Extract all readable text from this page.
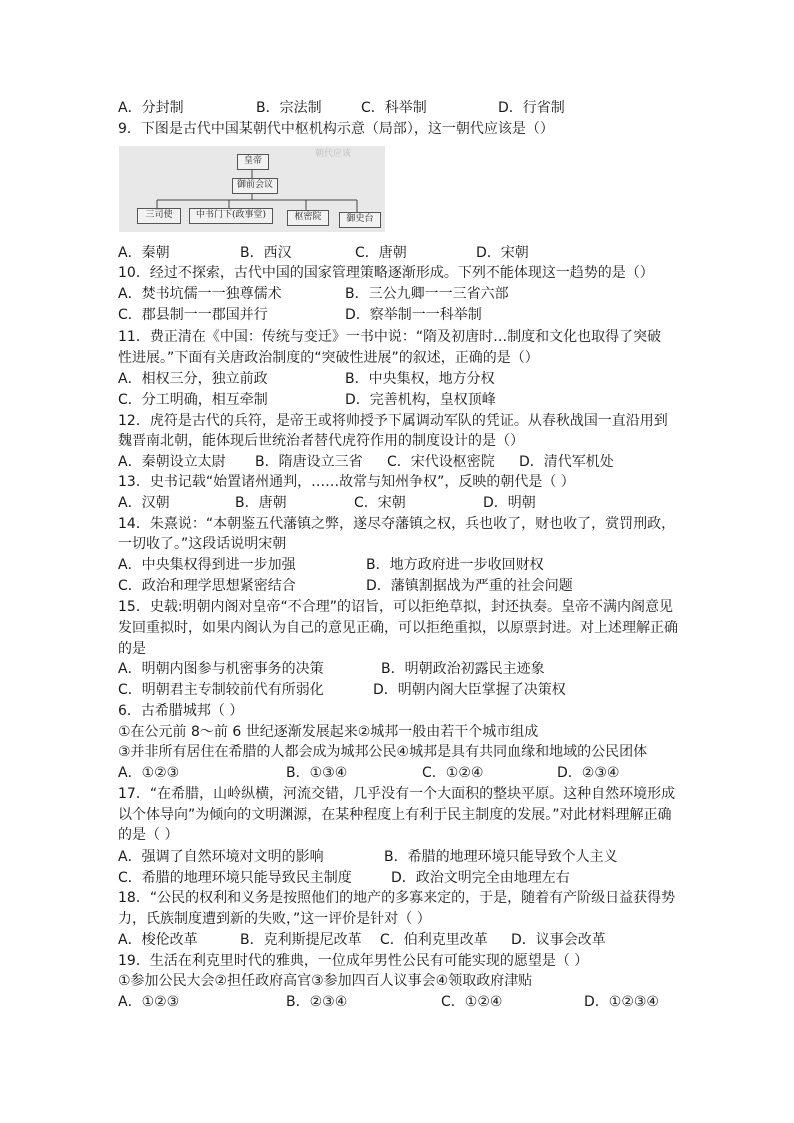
A．分封制	B．宗法制	C．科举制	D．行省制
9．下图是古代中国某朝代中枢机构示意（局部），这一朝代应该是（）
朝代应该
皇帝
御前会议
三司使	中书门下(政事堂)	枢密院	御史台
A．秦朝	B．西汉	C．唐朝	D．宋朝
10．经过不探索，古代中国的国家管理策略逐渐形成。下列不能体现这一趋势的是（）
A．焚书坑儒一一独尊儒术	B．三公九卿一一三省六部
C．郡县制一一郡国并行	D．察举制一一科举制
11．费正清在《中国：传统与变迁》一书中说：“隋及初唐时…制度和文化也取得了突破
性进展。”下面有关唐政治制度的“突破性进展”的叙述，正确的是（）
A．相权三分，独立前政	B．中央集权，地方分权
C．分工明确，相互牵制	D．完善机构，皇权顶峰
12．虎符是古代的兵符，是帝王或将帅授予下属调动军队的凭证。从春秋战国一直沿用到
魏晋南北朝，能体现后世统治者替代虎符作用的制度设计的是（）
A．秦朝设立太尉 B．隋唐设立三省 C．宋代设枢密院 D．清代军机处
13．史书记载“始置诸州通判，……故常与知州争权”，反映的朝代是（ ）
A．汉朝	B．唐朝	C．宋朝	D．明朝
14．朱熹说：“本朝鉴五代藩镇之弊，遂尽夺藩镇之权，兵也收了，财也收了，赏罚刑政，
一切收了。”这段话说明宋朝
A．中央集权得到进一步加强	B．地方政府进一步收回财权
C．政治和理学思想紧密结合	D．藩镇割据战为严重的社会问题
15．史载:明朝内阁对皇帝“不合理”的诏旨，可以拒绝草拟，封还执奏。皇帝不满内阁意见
发回重拟时，如果内阁认为自己的意见正确，可以拒绝重拟，以原票封进。对上述理解正确
的是
A．明朝内图参与机密事务的决策	B．明朝政治初露民主迹象
C．明朝君主专制较前代有所弱化	D．明朝内阁大臣掌握了决策权
6．古希腊城邦（ ）
①在公元前 8～前 6 世纪逐渐发展起来②城邦一般由若干个城市组成
③并非所有居住在希腊的人都会成为城邦公民④城邦是具有共同血缘和地域的公民团体
A．①②③	B．①③④	C．①②④	D．②③④
17．“在希腊，山岭纵横，河流交错，几乎没有一个大面积的整块平原。这种自然环境形成
以个体导向”为倾向的文明渊源，在某种程度上有利于民主制度的发展。”对此材料理解正确
的是（ ）
A．强调了自然环境对文明的影响	B．希腊的地理环境只能导致个人主义
C．希腊的地理环境只能导致民主制度	D．政治文明完全由地理左右
18．“公民的权利和义务是按照他们的地产的多寡来定的，于是，随着有产阶级日益获得势
力，氏族制度遭到新的失败，”这一评价是针对（ ）
A．梭伦改革	B．克利斯提尼改革 C．伯利克里改革 D．议事会改革
19．生活在利克里时代的雅典，一位成年男性公民有可能实现的愿望是（ ）
①参加公民大会②担任政府高官③参加四百人议事会④领取政府津贴
A．①②③	B．②③④	C．①②④	D．①②③④
